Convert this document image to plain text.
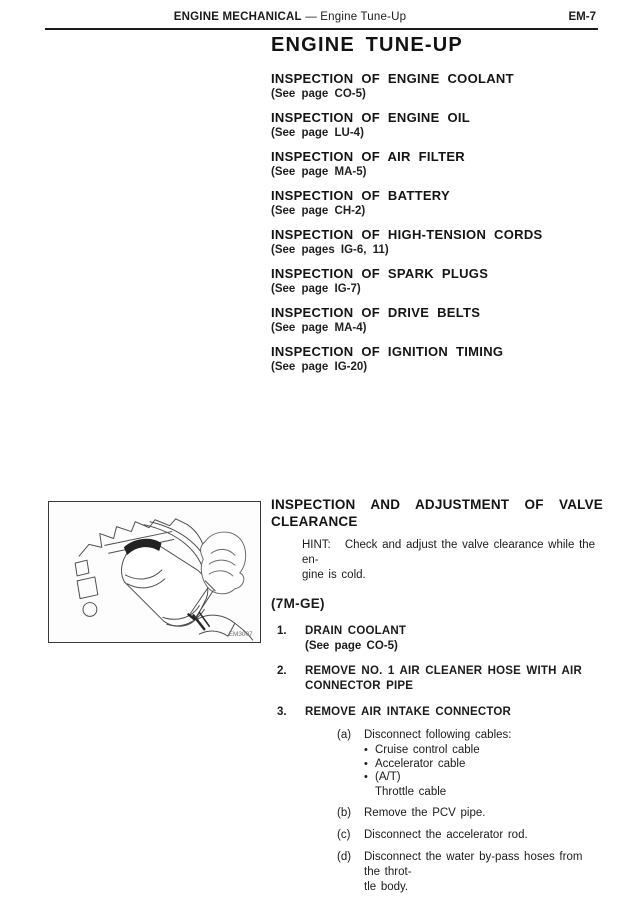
ENGINE MECHANICAL — Engine Tune-Up	EM-7
ENGINE TUNE-UP
INSPECTION OF ENGINE COOLANT
(See page CO-5)
INSPECTION OF ENGINE OIL
(See page LU-4)
INSPECTION OF AIR FILTER
(See page MA-5)
INSPECTION OF BATTERY
(See page CH-2)
INSPECTION OF HIGH-TENSION CORDS
(See pages IG-6, 11)
INSPECTION OF SPARK PLUGS
(See page IG-7)
INSPECTION OF DRIVE BELTS
(See page MA-4)
INSPECTION OF IGNITION TIMING
(See page IG-20)
EM3007
INSPECTION AND ADJUSTMENT OF VALVE
CLEARANCE
HINT:   Check and adjust the valve clearance while the en-
gine is cold.
(7M-GE)
1.	DRAIN COOLANT
(See page CO-5)
2.	REMOVE NO. 1 AIR CLEANER HOSE WITH AIR
CONNECTOR PIPE
3.	REMOVE AIR INTAKE CONNECTOR
(a)	Disconnect following cables:
• Cruise control cable
• Accelerator cable
• (A/T)
Throttle cable
(b)	Remove the PCV pipe.
(c)	Disconnect the accelerator rod.
(d)	Disconnect the water by-pass hoses from the throt-
tle body.
